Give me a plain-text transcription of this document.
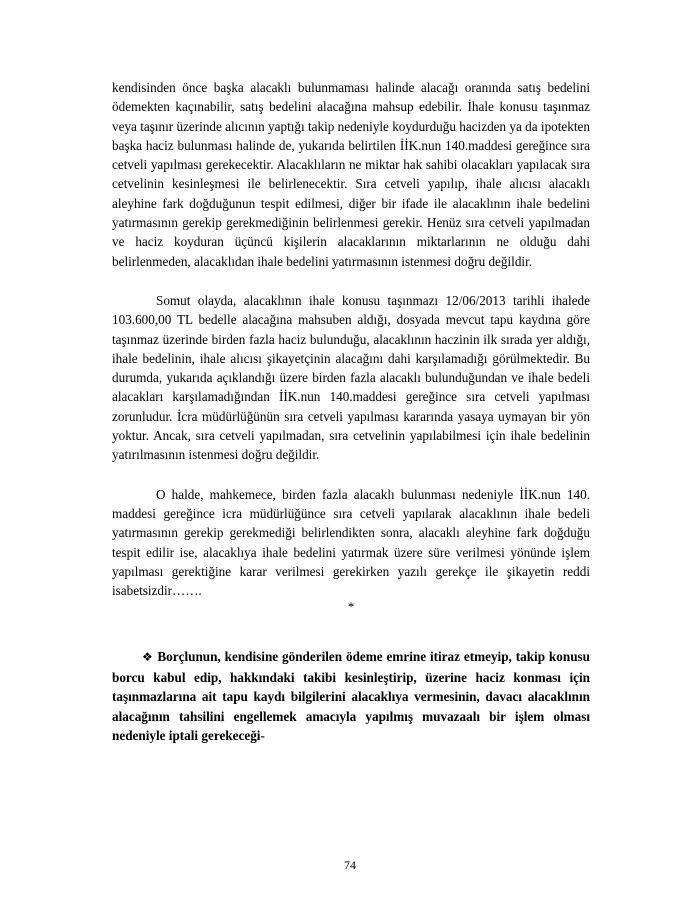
kendisinden önce başka alacaklı bulunmaması halinde alacağı oranında satış bedelini ödemekten kaçınabilir, satış bedelini alacağına mahsup edebilir. İhale konusu taşınmaz veya taşınır üzerinde alıcının yaptığı takip nedeniyle koydurduğu hacizden ya da ipotekten başka haciz bulunması halinde de, yukarıda belirtilen İİK.nun 140.maddesi gereğince sıra cetveli yapılması gerekecektir. Alacaklıların ne miktar hak sahibi olacakları yapılacak sıra cetvelinin kesinleşmesi ile belirlenecektir. Sıra cetveli yapılıp, ihale alıcısı alacaklı aleyhine fark doğduğunun tespit edilmesi, diğer bir ifade ile alacaklının ihale bedelini yatırmasının gerekip gerekmediğinin belirlenmesi gerekir. Henüz sıra cetveli yapılmadan ve haciz koyduran üçüncü kişilerin alacaklarının miktarlarının ne olduğu dahi belirlenmeden, alacaklıdan ihale bedelini yatırmasının istenmesi doğru değildir.

Somut olayda, alacaklının ihale konusu taşınmazı 12/06/2013 tarihli ihalede 103.600,00 TL bedelle alacağına mahsuben aldığı, dosyada mevcut tapu kaydına göre taşınmaz üzerinde birden fazla haciz bulunduğu, alacaklının haczinin ilk sırada yer aldığı, ihale bedelinin, ihale alıcısı şikayetçinin alacağını dahi karşılamadığı görülmektedir. Bu durumda, yukarıda açıklandığı üzere birden fazla alacaklı bulunduğundan ve ihale bedeli alacakları karşılamadığından İİK.nun 140.maddesi gereğince sıra cetveli yapılması zorunludur. İcra müdürlüğünün sıra cetveli yapılması kararında yasaya uymayan bir yön yoktur. Ancak, sıra cetveli yapılmadan, sıra cetvelinin yapılabilmesi için ihale bedelinin yatırılmasının istenmesi doğru değildir.

O halde, mahkemece, birden fazla alacaklı bulunması nedeniyle İİK.nun 140. maddesi gereğince icra müdürlüğünce sıra cetveli yapılarak alacaklının ihale bedeli yatırmasının gerekip gerekmediği belirlendikten sonra, alacaklı aleyhine fark doğduğu tespit edilir ise, alacaklıya ihale bedelini yatırmak üzere süre verilmesi yönünde işlem yapılması gerektiğine karar verilmesi gerekirken yazılı gerekçe ile şikayetin reddi isabetsizdir…….

*

❖ Borçlunun, kendisine gönderilen ödeme emrine itiraz etmeyip, takip konusu borcu kabul edip, hakkındaki takibi kesinleştirip, üzerine haciz konması için taşınmazlarına ait tapu kaydı bilgilerini alacaklıya vermesinin, davacı alacaklının alacağının tahsilini engellemek amacıyla yapılmış muvazaalı bir işlem olması nedeniyle iptali gerekeceği-

74
